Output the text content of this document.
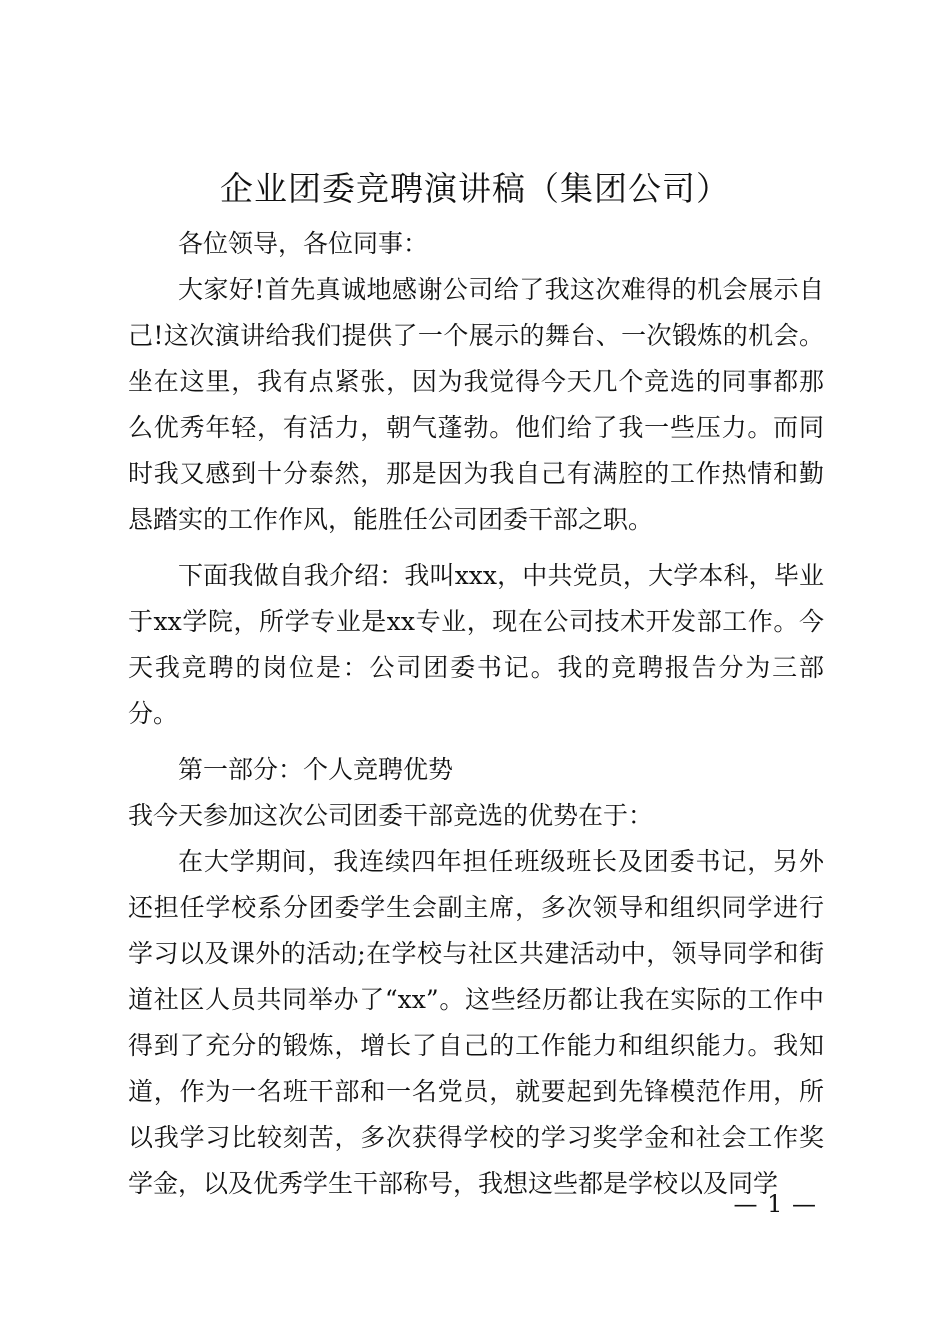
企业团委竞聘演讲稿（集团公司）

各位领导，各位同事：

大家好!首先真诚地感谢公司给了我这次难得的机会展示自己!这次演讲给我们提供了一个展示的舞台、一次锻炼的机会。坐在这里，我有点紧张，因为我觉得今天几个竞选的同事都那么优秀年轻，有活力，朝气蓬勃。他们给了我一些压力。而同时我又感到十分泰然，那是因为我自己有满腔的工作热情和勤恳踏实的工作作风，能胜任公司团委干部之职。

下面我做自我介绍：我叫xxx，中共党员，大学本科，毕业于xx学院，所学专业是xx专业，现在公司技术开发部工作。今天我竞聘的岗位是：公司团委书记。我的竞聘报告分为三部分。

第一部分：个人竞聘优势

我今天参加这次公司团委干部竞选的优势在于：

在大学期间，我连续四年担任班级班长及团委书记，另外还担任学校系分团委学生会副主席，多次领导和组织同学进行学习以及课外的活动;在学校与社区共建活动中，领导同学和街道社区人员共同举办了“xx”。这些经历都让我在实际的工作中得到了充分的锻炼，增长了自己的工作能力和组织能力。我知道，作为一名班干部和一名党员，就要起到先锋模范作用，所以我学习比较刻苦，多次获得学校的学习奖学金和社会工作奖学金，以及优秀学生干部称号，我想这些都是学校以及同学

— 1 —
